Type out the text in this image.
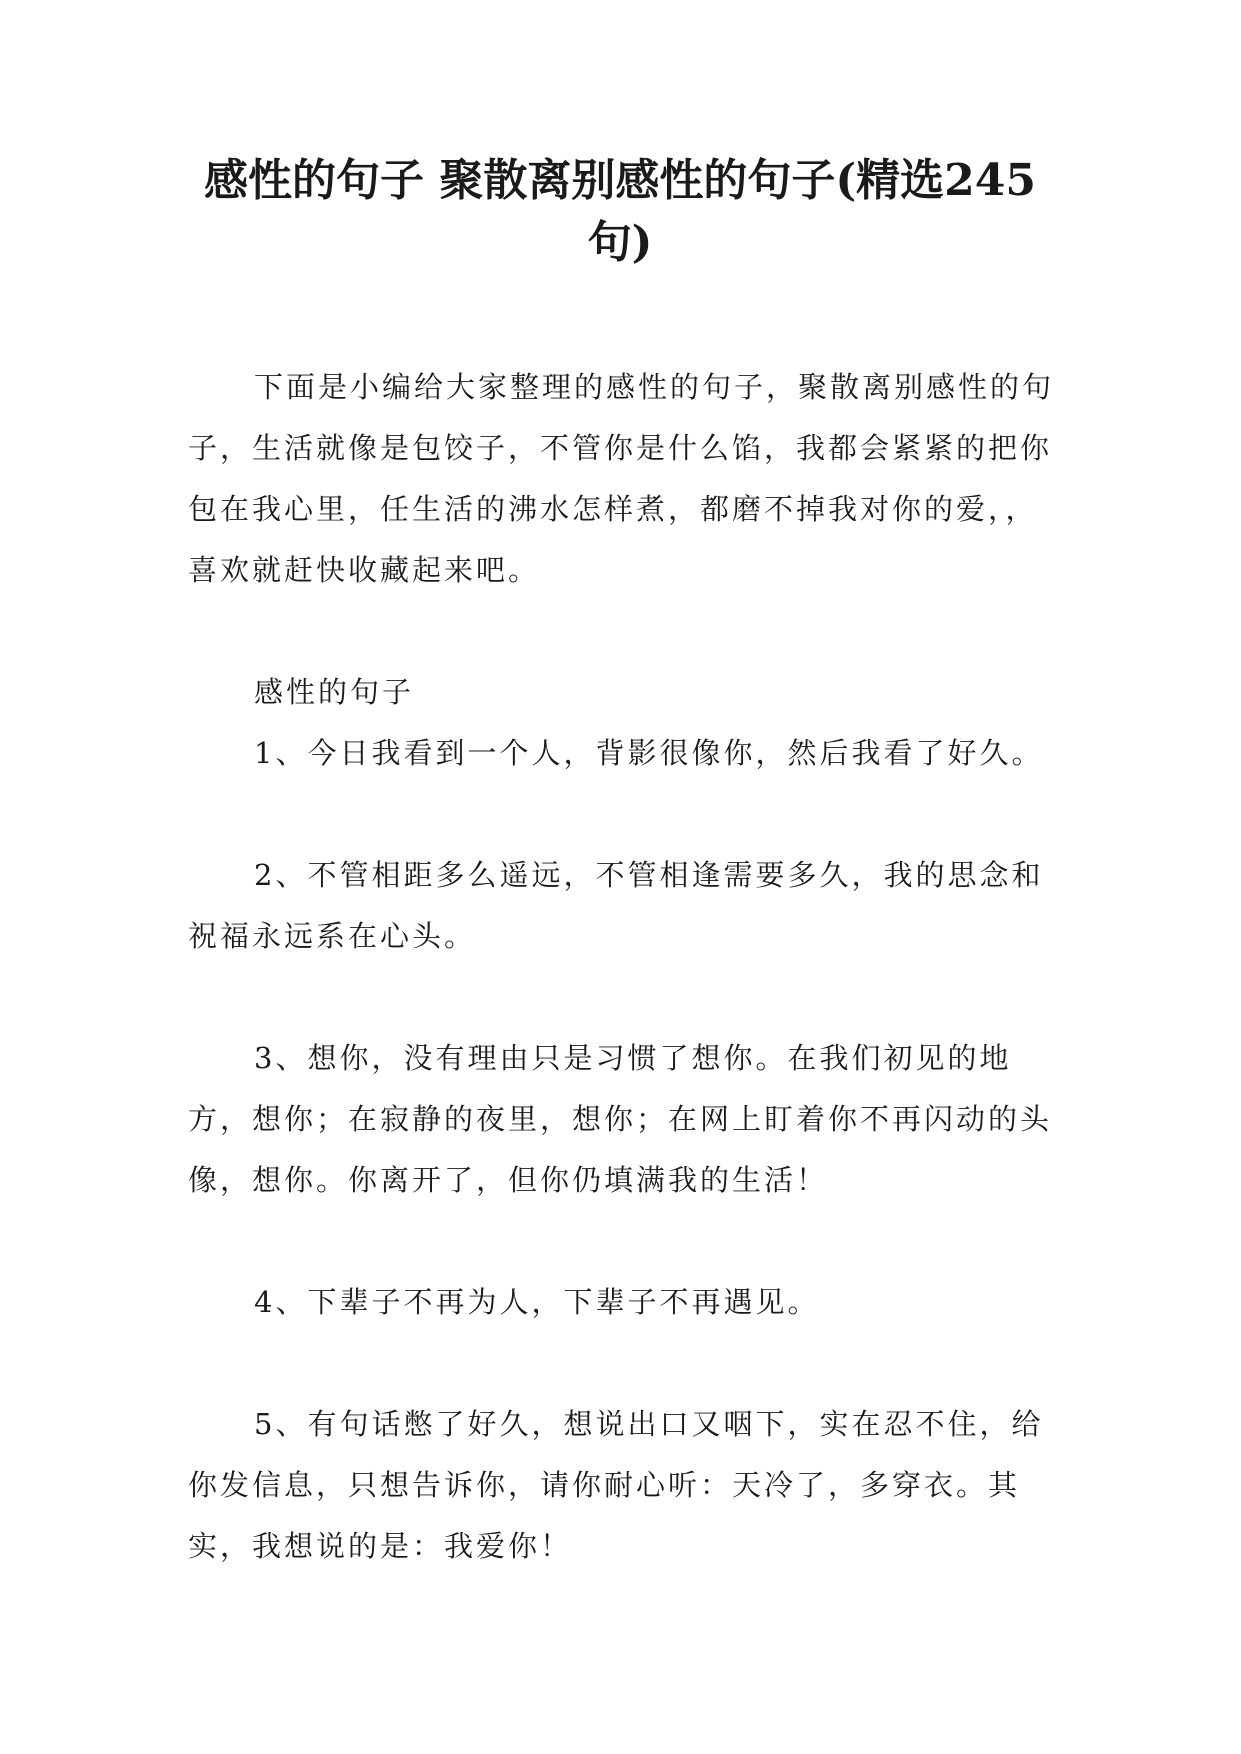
感性的句子 聚散离别感性的句子(精选245句)

下面是小编给大家整理的感性的句子，聚散离别感性的句子，生活就像是包饺子，不管你是什么馅，我都会紧紧的把你包在我心里，任生活的沸水怎样煮，都磨不掉我对你的爱，，喜欢就赶快收藏起来吧。

感性的句子

1、今日我看到一个人，背影很像你，然后我看了好久。

2、不管相距多么遥远，不管相逢需要多久，我的思念和祝福永远系在心头。

3、想你，没有理由只是习惯了想你。在我们初见的地方，想你；在寂静的夜里，想你；在网上盯着你不再闪动的头像，想你。你离开了，但你仍填满我的生活！

4、下辈子不再为人，下辈子不再遇见。

5、有句话憋了好久，想说出口又咽下，实在忍不住，给你发信息，只想告诉你，请你耐心听：天冷了，多穿衣。其实，我想说的是：我爱你！
